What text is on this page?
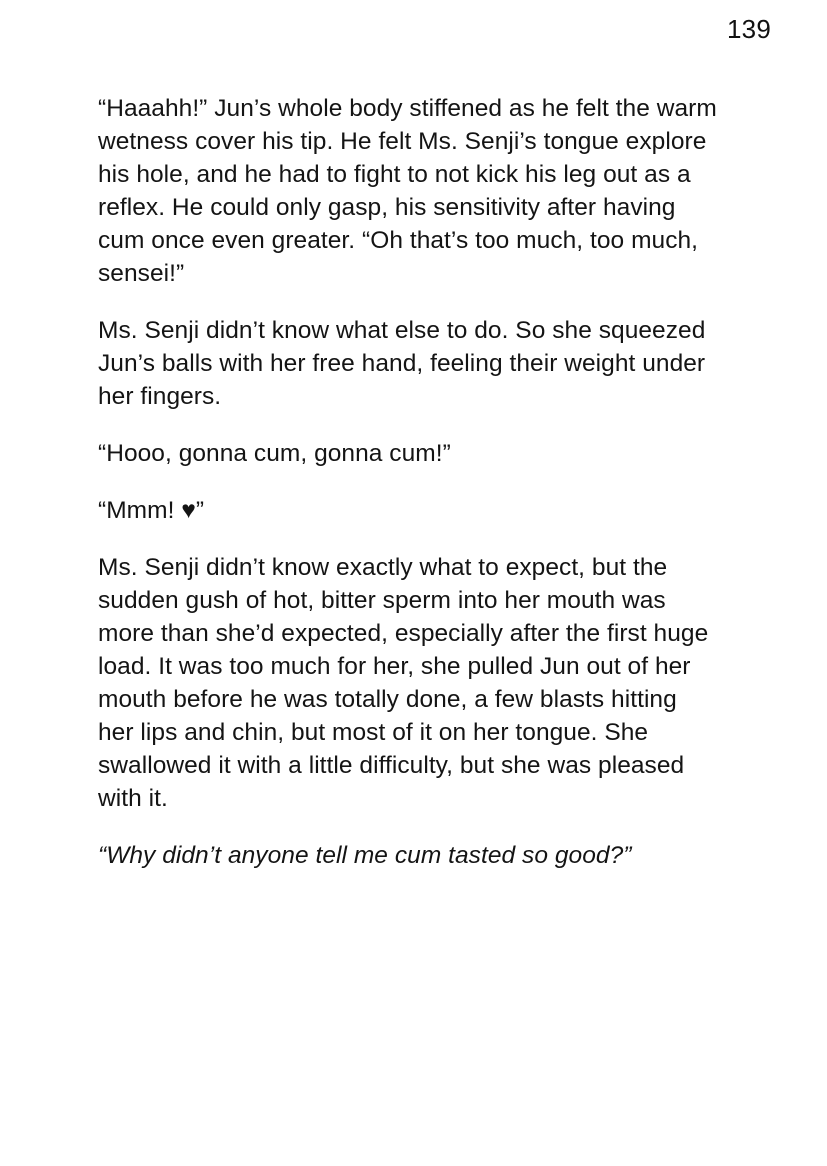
139

“Haaahh!” Jun’s whole body stiffened as he felt the warm wetness cover his tip. He felt Ms. Senji’s tongue explore his hole, and he had to fight to not kick his leg out as a reflex. He could only gasp, his sensitivity after having cum once even greater. “Oh that’s too much, too much, sensei!”

Ms. Senji didn’t know what else to do. So she squeezed Jun’s balls with her free hand, feeling their weight under her fingers.

“Hooo, gonna cum, gonna cum!”

“Mmm! ♥”

Ms. Senji didn’t know exactly what to expect, but the sudden gush of hot, bitter sperm into her mouth was more than she’d expected, especially after the first huge load. It was too much for her, she pulled Jun out of her mouth before he was totally done, a few blasts hitting her lips and chin, but most of it on her tongue. She swallowed it with a little difficulty, but she was pleased with it.

“Why didn’t anyone tell me cum tasted so good?”
